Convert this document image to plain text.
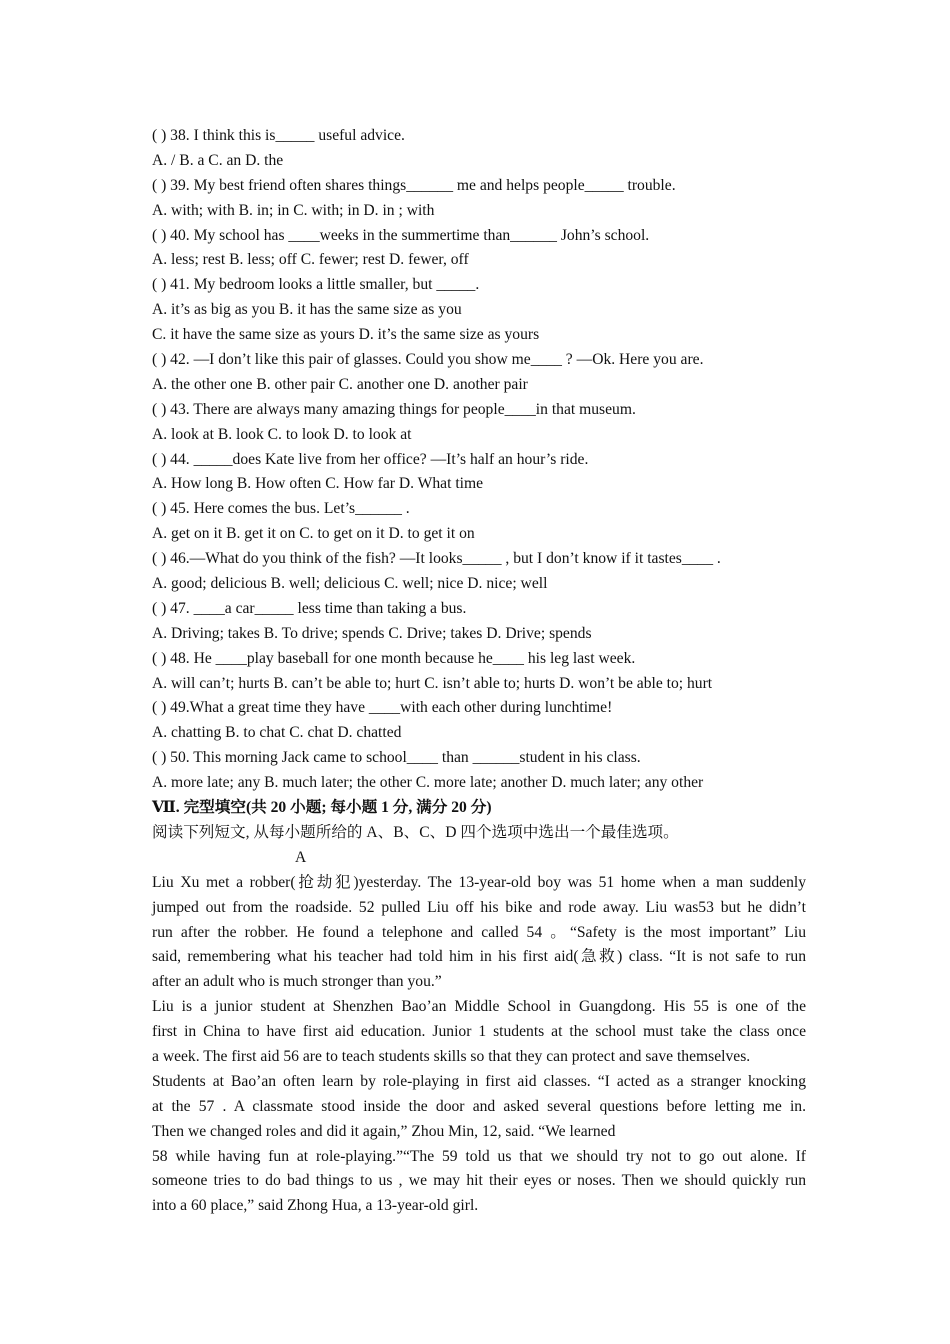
( ) 38. I think this is_____ useful advice.
A. / B. a C. an D. the
( ) 39. My best friend often shares things______ me and helps people_____ trouble.
A. with; with B. in; in C. with; in D. in ; with
( ) 40. My school has ____weeks in the summertime than______ John’s school.
A. less; rest B. less; off C. fewer; rest D. fewer, off
( ) 41. My bedroom looks a little smaller, but _____.
A. it’s as big as you B. it has the same size as you
C. it have the same size as yours D. it’s the same size as yours
( ) 42. —I don’t like this pair of glasses. Could you show me____ ? —Ok. Here you are.
A. the other one B. other pair C. another one D. another pair
( ) 43. There are always many amazing things for people____in that museum.
A. look at B. look C. to look D. to look at
( ) 44. _____does Kate live from her office? —It’s half an hour’s ride.
A. How long B. How often C. How far D. What time
( ) 45. Here comes the bus. Let’s______ .
A. get on it B. get it on C. to get on it D. to get it on
( ) 46.—What do you think of the fish? —It looks_____ , but I don’t know if it tastes____ .
A. good; delicious B. well; delicious C. well; nice D. nice; well
( ) 47. ____a car_____ less time than taking a bus.
A. Driving; takes B. To drive; spends C. Drive; takes D. Drive; spends
( ) 48. He ____play baseball for one month because he____ his leg last week.
A. will can’t; hurts B. can’t be able to; hurt C. isn’t able to; hurts D. won’t be able to; hurt
( ) 49.What a great time they have ____with each other during lunchtime!
A. chatting B. to chat C. chat D. chatted
( ) 50. This morning Jack came to school____ than ______student in his class.
A. more late; any B. much later; the other C. more late; another D. much later; any other
Ⅶ. 完型填空(共 20 小题; 每小题 1 分, 满分 20 分)
阅读下列短文, 从每小题所给的 A、B、C、D 四个选项中选出一个最佳选项。
A
Liu Xu met a robber(抢劫犯)yesterday. The 13-year-old boy was 51 home when a man suddenly
jumped out from the roadside. 52 pulled Liu off his bike and rode away. Liu was53 but he didn’t
run after the robber. He found a telephone and called 54 。“Safety is the most important” Liu
said, remembering what his teacher had told him in his first aid(急救) class. “It is not safe to run
after an adult who is much stronger than you.”
Liu is a junior student at Shenzhen Bao’an Middle School in Guangdong. His 55 is one of the
first in China to have first aid education. Junior 1 students at the school must take the class once
a week. The first aid 56 are to teach students skills so that they can protect and save themselves.
Students at Bao’an often learn by role-playing in first aid classes. “I acted as a stranger knocking
at the 57 . A classmate stood inside the door and asked several questions before letting me in.
Then we changed roles and did it again,” Zhou Min, 12, said. “We learned
58 while having fun at role-playing.”“The 59 told us that we should try not to go out alone. If
someone tries to do bad things to us , we may hit their eyes or noses. Then we should quickly run
into a 60 place,” said Zhong Hua, a 13-year-old girl.
